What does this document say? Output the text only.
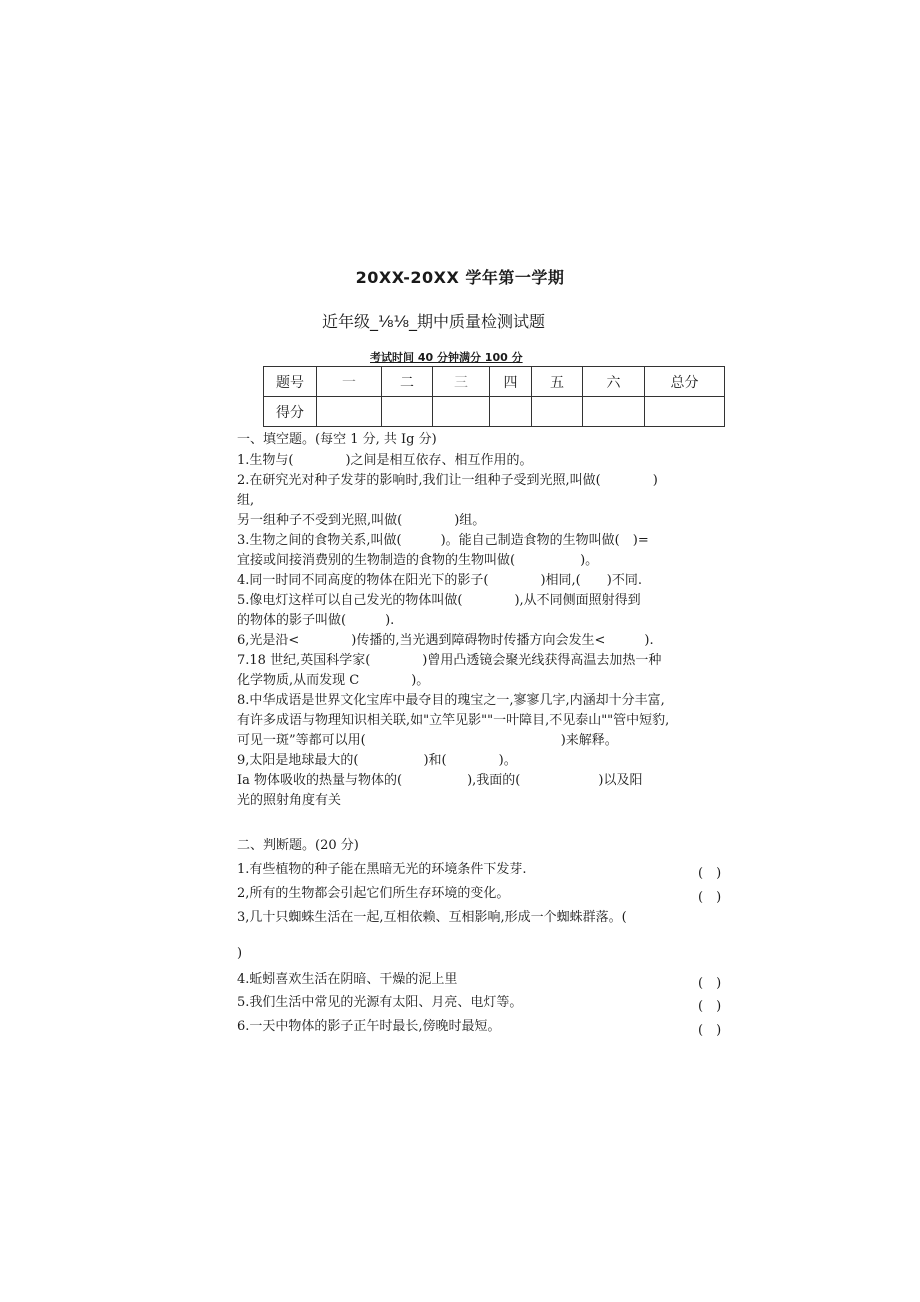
20XX-20XX 学年第一学期
近年级_⅛⅛_期中质量检测试题
考试时间 40 分钟满分 100 分
题号	一	二	三	四	五	六	总分
得分							
一、填空题。(每空 1 分, 共 Ig 分)
1.生物与(　　　　)之间是相互依存、相互作用的。
2.在研究光对种子发芽的影响时,我们让一组种子受到光照,叫做(　　　　)
组,
另一组种子不受到光照,叫做(　　　　)组。
3.生物之间的食物关系,叫做(　　　)。能自己制造食物的生物叫做(　)=
宜接或间接消费别的生物制造的食物的生物叫做(　　　　　)。
4.同一时同不同高度的物体在阳光下的影子(　　　　)相同,(　　)不同.
5.像电灯这样可以自己发光的物体叫做(　　　　),从不同侧面照射得到
的物体的影子叫做(　　　).
6,光是沿<　　　　)传播的,当光遇到障碍物时传播方向会发生<　　　).
7.18 世纪,英国科学家(　　　　)曾用凸透镜会聚光线获得高温去加热一种
化学物质,从而发现 C　　　　)。
8.中华成语是世界文化宝库中最夺目的瑰宝之一,寥寥几字,内涵却十分丰富,
有许多成语与物理知识相关联,如"立竿见影""一叶障目,不见泰山""管中短豹,
可见一斑”等都可以用(　　　　　　　　　　　　　　　)来解释。
9,太阳是地球最大的(　　　　　)和(　　　　)。
Ia 物体吸收的热量与物体的(　　　　　),我面的(　　　　　　)以及阳
光的照射角度有关
二、判断题。(20 分)
1.有些植物的种子能在黑暗无光的环境条件下发芽.	(　)
2,所有的生物都会引起它们所生存环境的变化。	(　)
3,几十只蜘蛛生活在一起,互相依赖、互相影响,形成一个蜘蛛群落。(
)
4.蚯蚓喜欢生活在阴暗、干燥的泥上里	(　)
5.我们生活中常见的光源有太阳、月亮、电灯等。	(　)
6.一天中物体的影子正午时最长,傍晚时最短。	(　)
